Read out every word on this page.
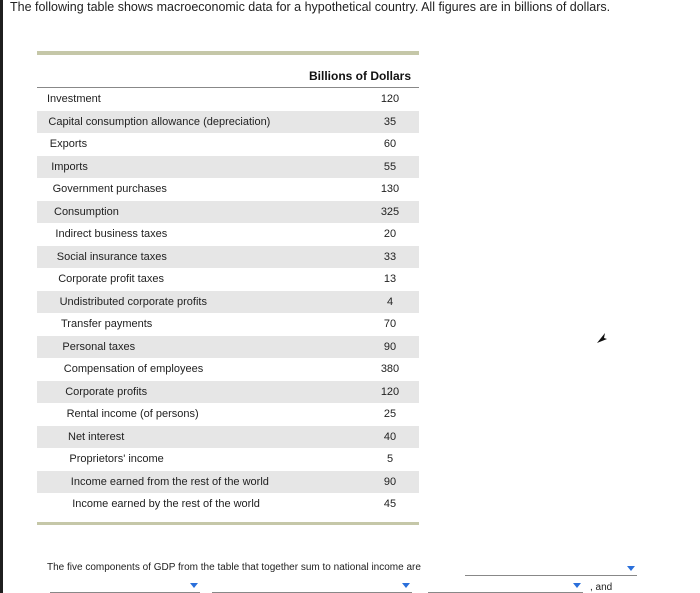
The following table shows macroeconomic data for a hypothetical country. All figures are in billions of dollars.
Billions of Dollars
Investment	120
Capital consumption allowance (depreciation)	35
Exports	60
Imports	55
Government purchases	130
Consumption	325
Indirect business taxes	20
Social insurance taxes	33
Corporate profit taxes	13
Undistributed corporate profits	4
Transfer payments	70
Personal taxes	90
Compensation of employees	380
Corporate profits	120
Rental income (of persons)	25
Net interest	40
Proprietors' income	5
Income earned from the rest of the world	90
Income earned by the rest of the world	45
The five components of GDP from the table that together sum to national income are
, and
